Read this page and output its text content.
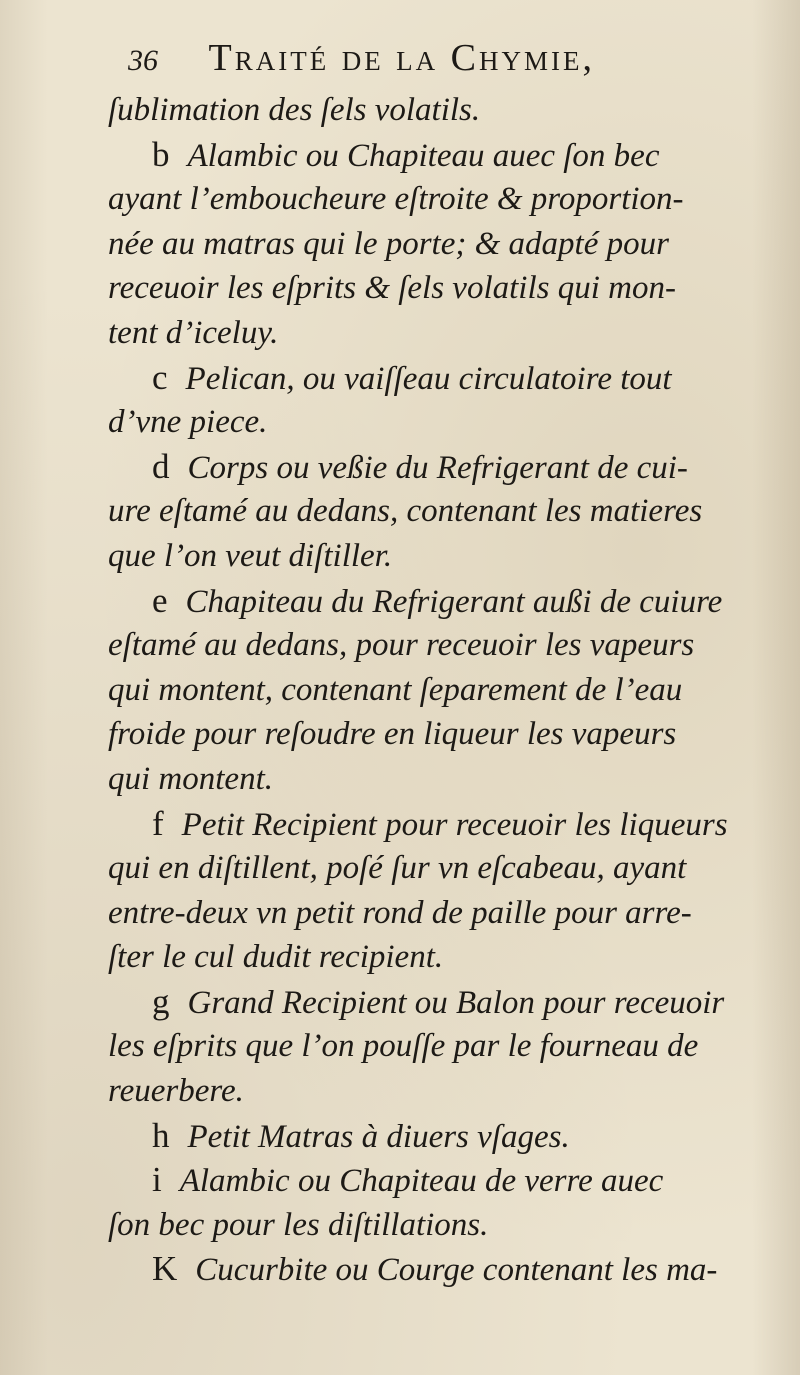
36 Traité de la Chymie,
ſublimation des ſels volatils.
b Alambic ou Chapiteau auec ſon bec
ayant l’emboucheure eſtroite & proportion-
née au matras qui le porte; & adapté pour
receuoir les eſprits & ſels volatils qui mon-
tent d’iceluy.
c Pelican, ou vaiſſeau circulatoire tout
d’vne piece.
d Corps ou veßie du Refrigerant de cui-
ure eſtamé au dedans, contenant les matieres
que l’on veut diſtiller.
e Chapiteau du Refrigerant außi de cuiure
eſtamé au dedans, pour receuoir les vapeurs
qui montent, contenant ſeparement de l’eau
froide pour reſoudre en liqueur les vapeurs
qui montent.
f Petit Recipient pour receuoir les liqueurs
qui en diſtillent, poſé ſur vn eſcabeau, ayant
entre-deux vn petit rond de paille pour arre-
ſter le cul dudit recipient.
g Grand Recipient ou Balon pour receuoir
les eſprits que l’on pouſſe par le fourneau de
reuerbere.
h Petit Matras à diuers vſages.
i Alambic ou Chapiteau de verre auec
ſon bec pour les diſtillations.
K Cucurbite ou Courge contenant les ma-
